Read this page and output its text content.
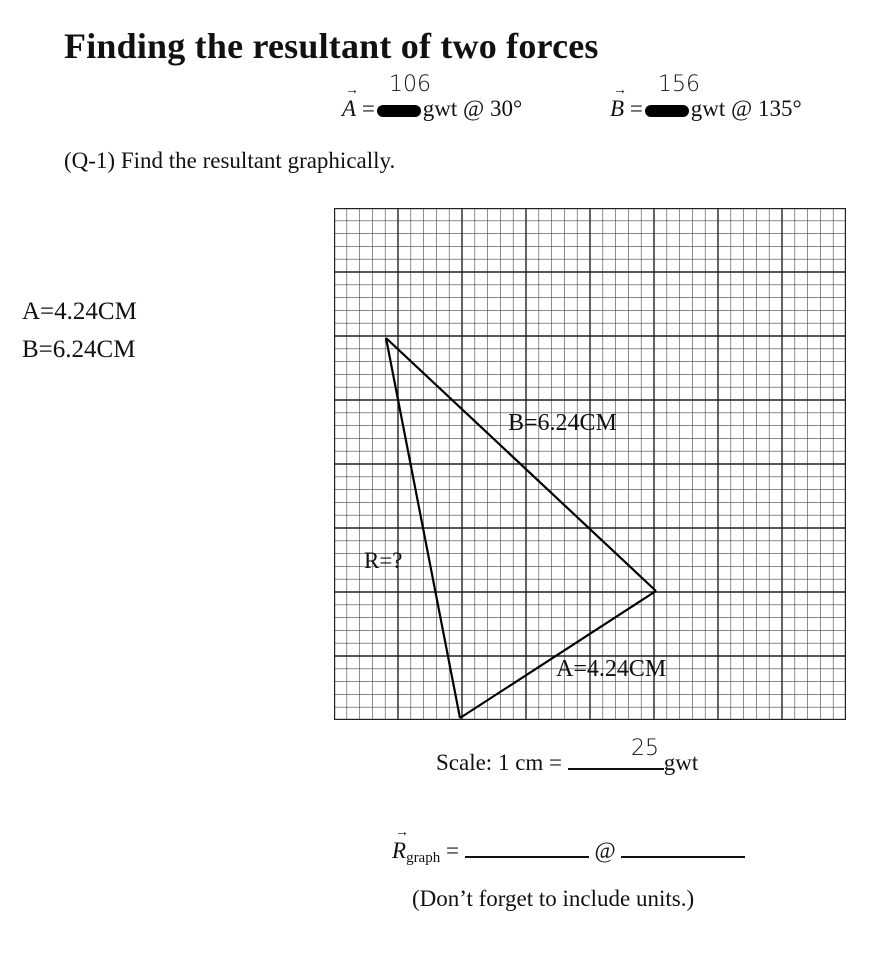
Finding the resultant of two forces
→
A = gwt @ 30°
106	→
B = gwt @ 135°
156
(Q-1) Find the resultant graphically.
A=4.24CM
B=6.24CM
B=6.24CM
A=4.24CM
R=?
Scale: 1 cm =	gwt
25
→
$R_{graph}$ =	@
(Don’t forget to include units.)
